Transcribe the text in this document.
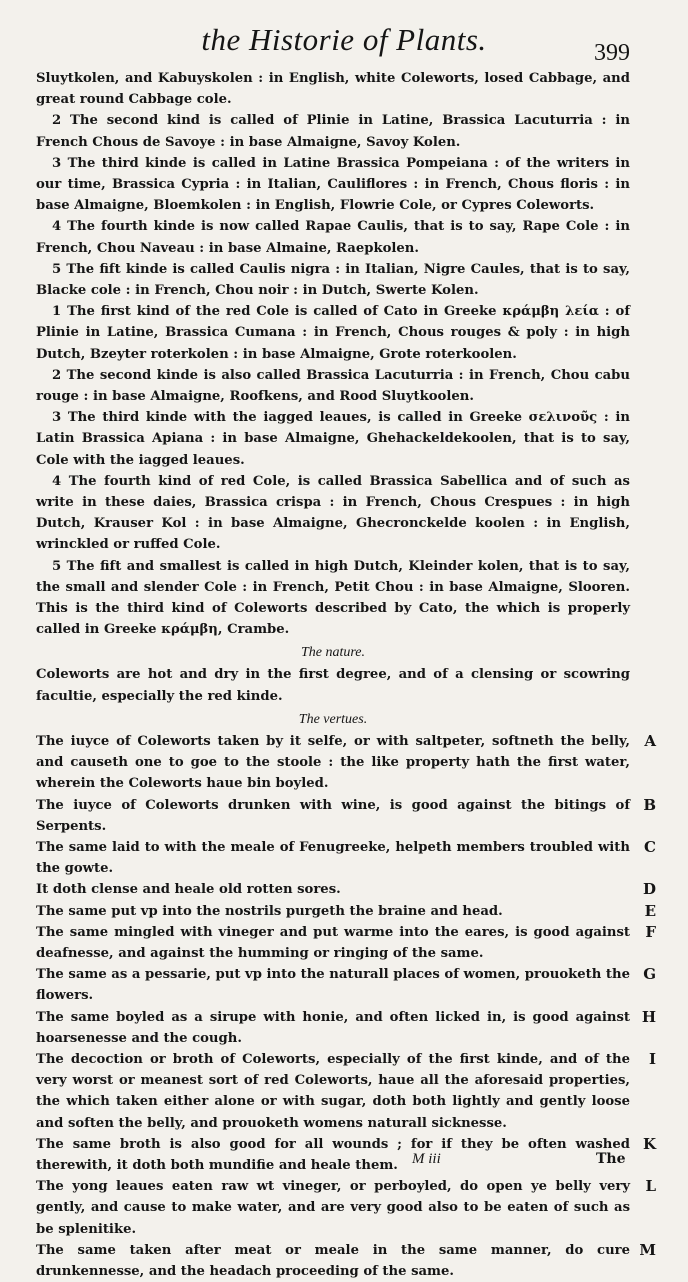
the Historie of Plants.	399

Sluytkolen, and Kabuyskolen : in English, white Coleworts, losed Cabbage, and great round Cabbage cole.

2 The second kind is called of Plinie in Latine, Brassica Lacuturria : in French Chous de Savoye : in base Almaigne, Savoy Kolen.

3 The third kinde is called in Latine Brassica Pompeiana : of the writers in our time, Brassica Cypria : in Italian, Cauliflores : in French, Chous floris : in base Almaigne, Bloemkolen : in English, Flowrie Cole, or Cypres Coleworts.

4 The fourth kinde is now called Rapae Caulis, that is to say, Rape Cole : in French, Chou Naveau : in base Almaine, Raepkolen.

5 The fift kinde is called Caulis nigra : in Italian, Nigre Caules, that is to say, Blacke cole : in French, Chou noir : in Dutch, Swerte Kolen.

1 The first kind of the red Cole is called of Cato in Greeke κράμβη λεία : of Plinie in Latine, Brassica Cumana : in French, Chous rouges & poly : in high Dutch, Bzeyter roterkolen : in base Almaigne, Grote roterkoolen.

2 The second kinde is also called Brassica Lacuturria : in French, Chou cabu rouge : in base Almaigne, Roofkens, and Rood Sluytkoolen.

3 The third kinde with the iagged leaues, is called in Greeke σελινοῦς : in Latin Brassica Apiana : in base Almaigne, Ghehackeldekoolen, that is to say, Cole with the iagged leaues.

4 The fourth kind of red Cole, is called Brassica Sabellica and of such as write in these daies, Brassica crispa : in French, Chous Crespues : in high Dutch, Krauser Kol : in base Almaigne, Ghecronckelde koolen : in English, wrinckled or ruffed Cole.

5 The fift and smallest is called in high Dutch, Kleinder kolen, that is to say, the small and slender Cole : in French, Petit Chou : in base Almaigne, Slooren. This is the third kind of Coleworts described by Cato, the which is properly called in Greeke κράμβη, Crambe.

The nature.

Coleworts are hot and dry in the first degree, and of a clensing or scowring facultie, especially the red kinde.

The vertues.

The iuyce of Coleworts taken by it selfe, or with saltpeter, softneth the belly, and causeth one to goe to the stoole : the like property hath the first water, wherein the Coleworts haue bin boyled.
A

The iuyce of Coleworts drunken with wine, is good against the bitings of Serpents.
B

The same laid to with the meale of Fenugreeke, helpeth members troubled with the gowte.
C

It doth clense and heale old rotten sores.	D

The same put vp into the nostrils purgeth the braine and head.	E

The same mingled with vineger and put warme into the eares, is good against deafnesse, and against the humming or ringing of the same.
F

The same as a pessarie, put vp into the naturall places of women, prouoketh the flowers.
G

The same boyled as a sirupe with honie, and often licked in, is good against hoarsenesse and the cough.
H

The decoction or broth of Coleworts, especially of the first kinde, and of the very worst or meanest sort of red Coleworts, haue all the aforesaid properties, the which taken either alone or with sugar, doth both lightly and gently loose and soften the belly, and prouoketh womens naturall sicknesse.
I

The same broth is also good for all wounds ; for if they be often washed therewith, it doth both mundifie and heale them.
K

The yong leaues eaten raw wt vineger, or perboyled, do open ye belly very gently, and cause to make water, and are very good also to be eaten of such as be splenitike.
L

The same taken after meat or meale in the same manner, do cure drunkennesse, and the headach proceeding of the same.
M

M iii	The
